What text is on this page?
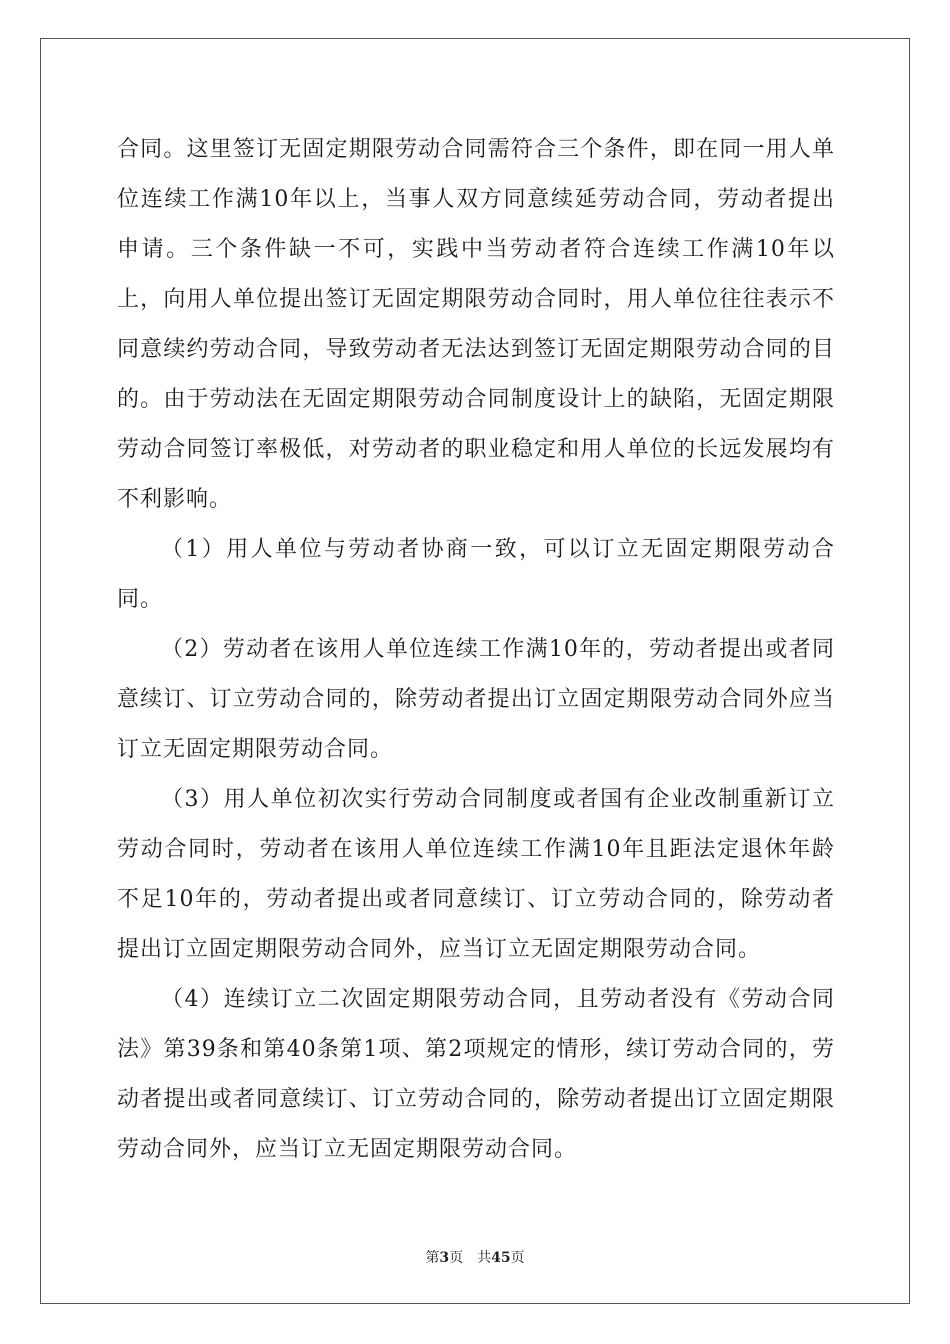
合同。这里签订无固定期限劳动合同需符合三个条件，即在同一用人单位连续工作满10年以上，当事人双方同意续延劳动合同，劳动者提出申请。三个条件缺一不可，实践中当劳动者符合连续工作满10年以上，向用人单位提出签订无固定期限劳动合同时，用人单位往往表示不同意续约劳动合同，导致劳动者无法达到签订无固定期限劳动合同的目的。由于劳动法在无固定期限劳动合同制度设计上的缺陷，无固定期限劳动合同签订率极低，对劳动者的职业稳定和用人单位的长远发展均有不利影响。

（1）用人单位与劳动者协商一致，可以订立无固定期限劳动合同。

（2）劳动者在该用人单位连续工作满10年的，劳动者提出或者同意续订、订立劳动合同的，除劳动者提出订立固定期限劳动合同外应当订立无固定期限劳动合同。

（3）用人单位初次实行劳动合同制度或者国有企业改制重新订立劳动合同时，劳动者在该用人单位连续工作满10年且距法定退休年龄不足10年的，劳动者提出或者同意续订、订立劳动合同的，除劳动者提出订立固定期限劳动合同外，应当订立无固定期限劳动合同。

（4）连续订立二次固定期限劳动合同，且劳动者没有《劳动合同法》第39条和第40条第1项、第2项规定的情形，续订劳动合同的，劳动者提出或者同意续订、订立劳动合同的，除劳动者提出订立固定期限劳动合同外，应当订立无固定期限劳动合同。

第3页 共45页
